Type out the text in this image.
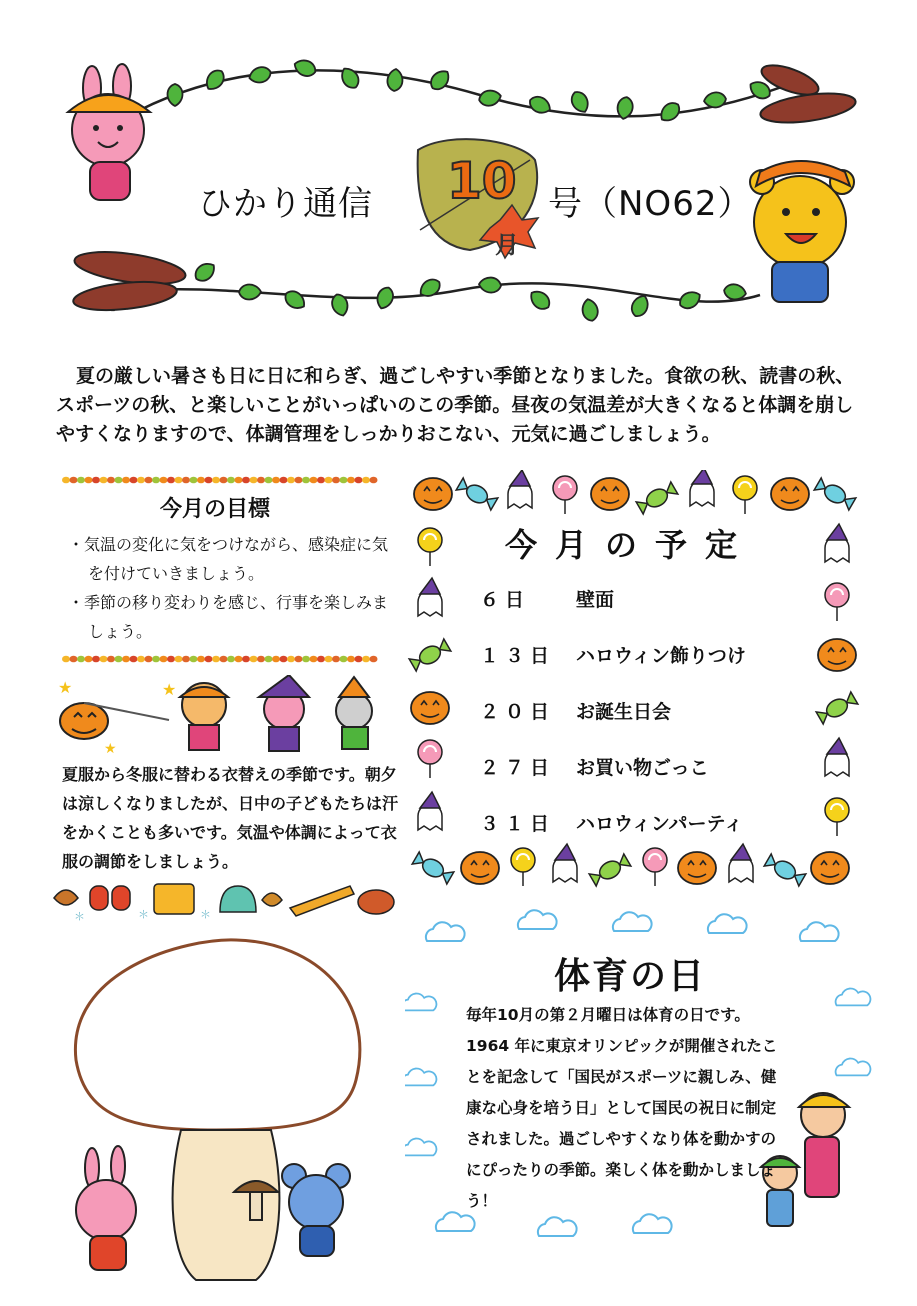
ひかり通信 10
月
号（NO62）
夏の厳しい暑さも日に日に和らぎ、過ごしやすい季節となりました。食欲の秋、読書の秋、スポーツの秋、と楽しいことがいっぱいのこの季節。昼夜の気温差が大きくなると体調を崩しやすくなりますので、体調管理をしっかりおこない、元気に過ごしましょう。
今月の目標
・気温の変化に気をつけながら、感染症に気を付けていきましょう。
・季節の移り変わりを感じ、行事を楽しみましょう。
★	★
★
夏服から冬服に替わる衣替えの季節です。朝夕は涼しくなりましたが、日中の子どもたちは汗をかくことも多いです。気温や体調によって衣服の調節をしましょう。
＊	＊	＊
今月の予定
６日	壁面
１３日	ハロウィン飾りつけ
２０日	お誕生日会
２７日	お買い物ごっこ
３１日	ハロウィンパーティ
体育の日
毎年10月の第２月曜日は体育の日です。1964 年に東京オリンピックが開催されたことを記念して「国民がスポーツに親しみ、健康な心身を培う日」として国民の祝日に制定されました。過ごしやすくなり体を動かすのにぴったりの季節。楽しく体を動かしましょう！
